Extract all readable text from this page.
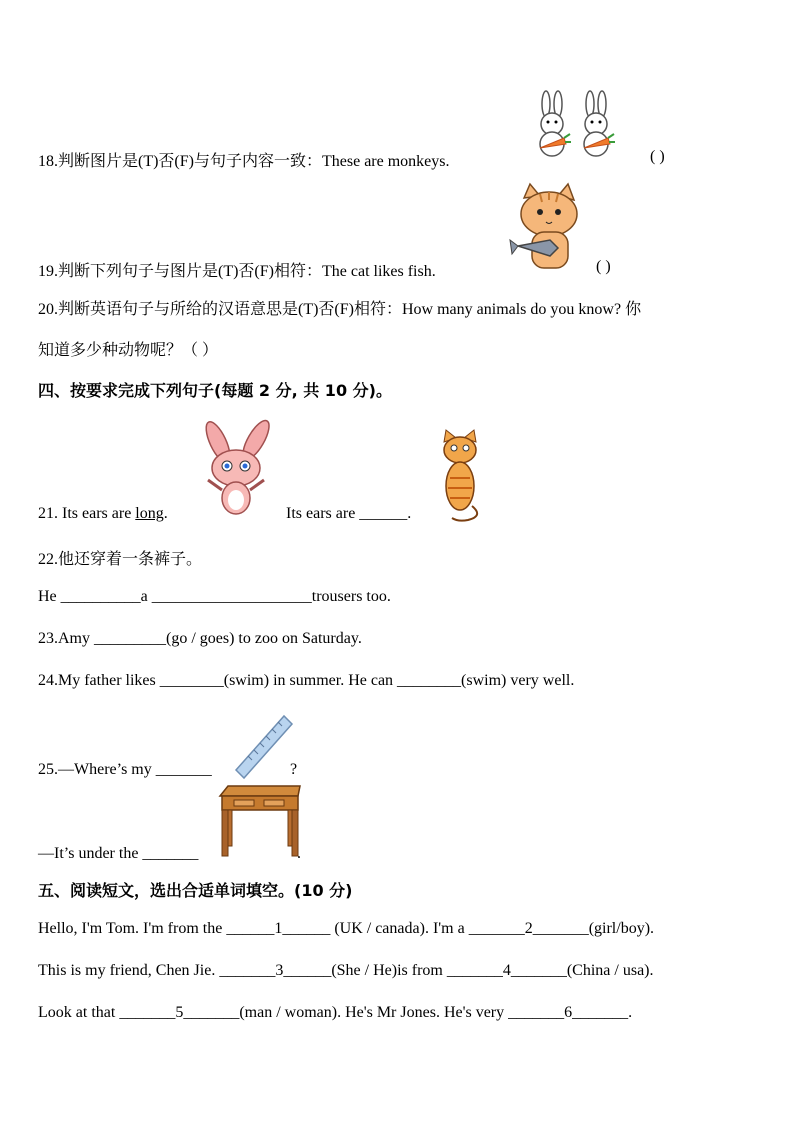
18.判断图片是(T)否(F)与句子内容一致：These are monkeys.	( )
19.判断下列句子与图片是(T)否(F)相符：The cat likes fish.	( )
20.判断英语句子与所给的汉语意思是(T)否(F)相符：How many animals do you know? 你
知道多少种动物呢？（ ）
四、按要求完成下列句子(每题 2 分, 共 10 分)。
21. Its ears are long.	Its ears are ______.
22.他还穿着一条裤子。
He __________a ____________________trousers too.
23.Amy _________(go / goes) to zoo on Saturday.
24.My father likes ________(swim) in summer. He can ________(swim) very well.
25.—Where’s my _______	?
—It’s under the _______	.
五、阅读短文，选出合适单词填空。(10 分)
Hello, I'm Tom. I'm from the ______1______ (UK / canada). I'm a _______2_______(girl/boy).
This is my friend, Chen Jie. _______3______(She / He)is from _______4_______(China / usa).
Look at that _______5_______(man / woman). He's Mr Jones. He's very _______6_______.
